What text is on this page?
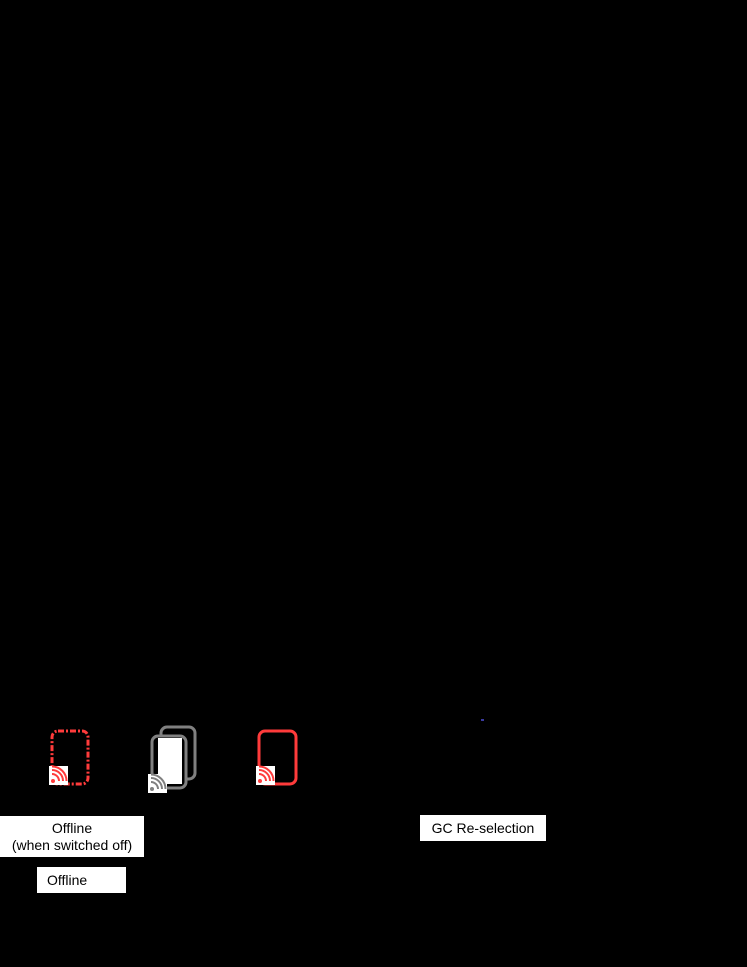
Offline
(when switched off)
Offline
GC Re-selection
